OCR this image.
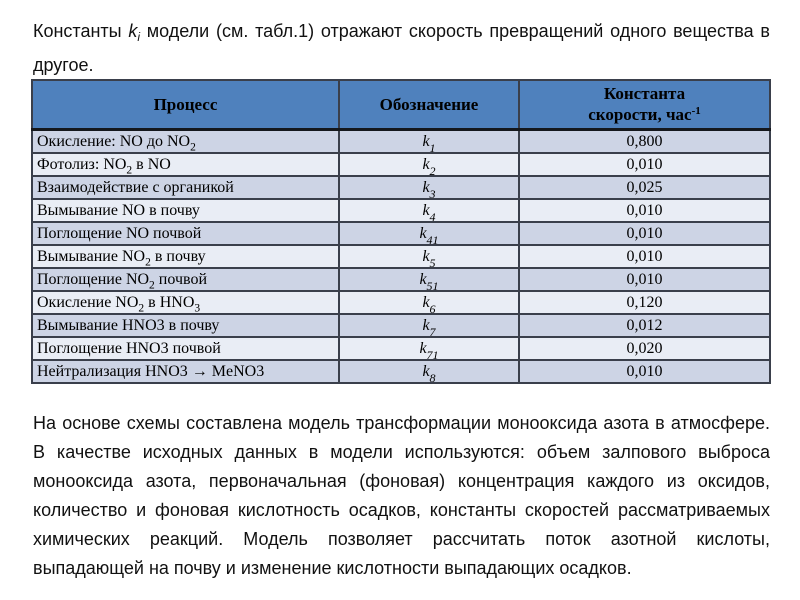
Константы $k_i$ модели (см. табл.1) отражают скорость превращений одного вещества в другое.

Процесс	Обозначение	Константа
скорости, час$^{-1}$

Окисление: NO до $NO_2$	$k_1$	0,800
Фотолиз: $NO_2$ в NO	$k_2$	0,010
Взаимодействие с органикой	$k_3$	0,025
Вымывание NO в почву	$k_4$	0,010
Поглощение NO почвой	$k_{41}$	0,010
Вымывание $NO_2$ в почву	$k_5$	0,010
Поглощение $NO_2$ почвой	$k_{51}$	0,010
Окисление $NO_2$ в $HNO_3$	$k_6$	0,120
Вымывание HNO3 в почву	$k_7$	0,012
Поглощение HNO3 почвой	$k_{71}$	0,020
Нейтрализация HNO3 → MeNO3	$k_8$	0,010

На основе схемы составлена модель трансформации монооксида азота в атмосфере. В качестве исходных данных в модели используются: объем залпового выброса монооксида азота, первоначальная (фоновая) концентрация каждого из оксидов, количество и фоновая кислотность осадков, константы скоростей рассматриваемых химических реакций. Модель позволяет рассчитать поток азотной кислоты, выпадающей на почву и изменение кислотности выпадающих осадков.
